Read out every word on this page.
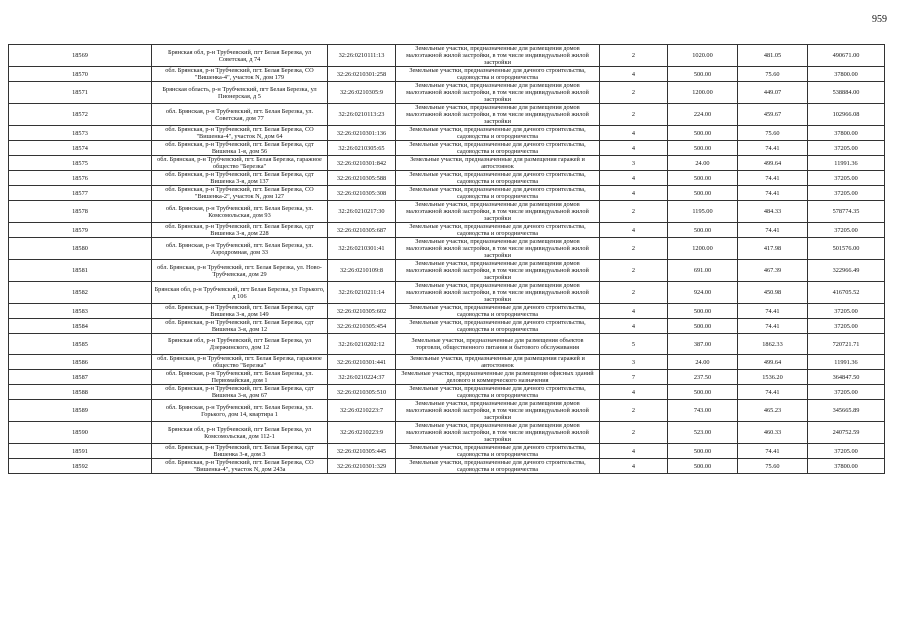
959
18569	Брянская обл, р-н Трубчевский, пгт Белая Березка, ул Советская, д 74	32:26:0210111:13	Земельные участки, предназначенные для размещения домов малоэтажной жилой застройки, в том числе индивидуальной жилой застройки	2	1020.00	481.05	490671.00
18570	обл. Брянская, р-н Трубчевский, пгт. Белая Березка, СО "Вишенка-4", участок N, дом 179	32:26:0210301:258	Земельные участки, предназначенные для дачного строительства, садоводства и огородничества	4	500.00	75.60	37800.00
18571	Брянская область, р-н Трубчевский, пгт Белая Березка, ул Пионерская, д 5	32:26:0210305:9	Земельные участки, предназначенные для размещения домов малоэтажной жилой застройки, в том числе индивидуальной жилой застройки	2	1200.00	449.07	538884.00
18572	обл. Брянская, р-н Трубчевский, пгт. Белая Березка, ул. Советская, дом 77	32:26:0210113:23	Земельные участки, предназначенные для размещения домов малоэтажной жилой застройки, в том числе индивидуальной жилой застройки	2	224.00	459.67	102966.08
18573	обл. Брянская, р-н Трубчевский, пгт. Белая Березка, СО "Вишенка-4", участок N, дом 64	32:26:0210301:136	Земельные участки, предназначенные для дачного строительства, садоводства и огородничества	4	500.00	75.60	37800.00
18574	обл. Брянская, р-н Трубчевский, пгт. Белая Березка, сдт Вишенка 1-я, дом 56	32:26:0210305:65	Земельные участки, предназначенные для дачного строительства, садоводства и огородничества	4	500.00	74.41	37205.00
18575	обл. Брянская, р-н Трубчевский, пгт. Белая Березка, гаражное общество "Березка"	32:26:0210301:842	Земельные участки, предназначенные для размещения гаражей и автостоянок	3	24.00	499.64	11991.36
18576	обл. Брянская, р-н Трубчевский, пгт. Белая Березка, сдт Вишенка 3-я, дом 137	32:26:0210305:588	Земельные участки, предназначенные для дачного строительства, садоводства и огородничества	4	500.00	74.41	37205.00
18577	обл. Брянская, р-н Трубчевский, пгт. Белая Березка, СО "Вишенка-2", участок N, дом 127	32:26:0210305:308	Земельные участки, предназначенные для дачного строительства, садоводства и огородничества	4	500.00	74.41	37205.00
18578	обл. Брянская, р-н Трубчевский, пгт. Белая Березка, ул. Комсомольская, дом 93	32:26:0210217:30	Земельные участки, предназначенные для размещения домов малоэтажной жилой застройки, в том числе индивидуальной жилой застройки	2	1195.00	484.33	578774.35
18579	обл. Брянская, р-н Трубчевский, пгт. Белая Березка, сдт Вишенка 3-я, дом 228	32:26:0210305:687	Земельные участки, предназначенные для дачного строительства, садоводства и огородничества	4	500.00	74.41	37205.00
18580	обл. Брянская, р-н Трубчевский, пгт. Белая Березка, ул. Аэродромная, дом 33	32:26:0210301:41	Земельные участки, предназначенные для размещения домов малоэтажной жилой застройки, в том числе индивидуальной жилой застройки	2	1200.00	417.98	501576.00
18581	обл. Брянская, р-н Трубчевский, пгт. Белая Березка, ул. Ново-Трубчевская, дом 29	32:26:0210109:8	Земельные участки, предназначенные для размещения домов малоэтажной жилой застройки, в том числе индивидуальной жилой застройки	2	691.00	467.39	322966.49
18582	Брянская обл, р-н Трубчевский, пгт Белая Березка, ул Горького, д 106	32:26:0210211:14	Земельные участки, предназначенные для размещения домов малоэтажной жилой застройки, в том числе индивидуальной жилой застройки	2	924.00	450.98	416705.52
18583	обл. Брянская, р-н Трубчевский, пгт. Белая Березка, сдт Вишенка 3-я, дом 149	32:26:0210305:602	Земельные участки, предназначенные для дачного строительства, садоводства и огородничества	4	500.00	74.41	37205.00
18584	обл. Брянская, р-н Трубчевский, пгт. Белая Березка, сдт Вишенка 3-я, дом 12	32:26:0210305:454	Земельные участки, предназначенные для дачного строительства, садоводства и огородничества	4	500.00	74.41	37205.00
18585	Брянская обл, р-н Трубчевский, пгт Белая Березка, ул Дзержинского, дом 12	32:26:0210202:12	Земельные участки, предназначенные для размещения объектов торговли, общественного питания и бытового обслуживания	5	387.00	1862.33	720721.71
18586	обл. Брянская, р-н Трубчевский, пгт. Белая Березка, гаражное общество "Березка"	32:26:0210301:441	Земельные участки, предназначенные для размещения гаражей и автостоянок	3	24.00	499.64	11991.36
18587	обл. Брянская, р-н Трубчевский, пгт. Белая Березка, ул. Первомайская, дом 1	32:26:0210224:37	Земельные участки, предназначенные для размещения офисных зданий делового и коммерческого назначения	7	237.50	1536.20	364847.50
18588	обл. Брянская, р-н Трубчевский, пгт. Белая Березка, сдт Вишенка 3-я, дом 67	32:26:0210305:510	Земельные участки, предназначенные для дачного строительства, садоводства и огородничества	4	500.00	74.41	37205.00
18589	обл. Брянская, р-н Трубчевский, пгт. Белая Березка, ул. Горького, дом 14, квартира 1	32:26:0210223:7	Земельные участки, предназначенные для размещения домов малоэтажной жилой застройки, в том числе индивидуальной жилой застройки	2	743.00	465.23	345665.89
18590	Брянская обл, р-н Трубчевский, пгт Белая Березка, ул Комсомольская, дом 112-1	32:26:0210223:9	Земельные участки, предназначенные для размещения домов малоэтажной жилой застройки, в том числе индивидуальной жилой застройки	2	523.00	460.33	240752.59
18591	обл. Брянская, р-н Трубчевский, пгт. Белая Березка, сдт Вишенка 3-я, дом 3	32:26:0210305:445	Земельные участки, предназначенные для дачного строительства, садоводства и огородничества	4	500.00	74.41	37205.00
18592	обл. Брянская, р-н Трубчевский, пгт. Белая Березка, СО "Вишенка-4", участок N, дом 243а	32:26:0210301:329	Земельные участки, предназначенные для дачного строительства, садоводства и огородничества	4	500.00	75.60	37800.00
